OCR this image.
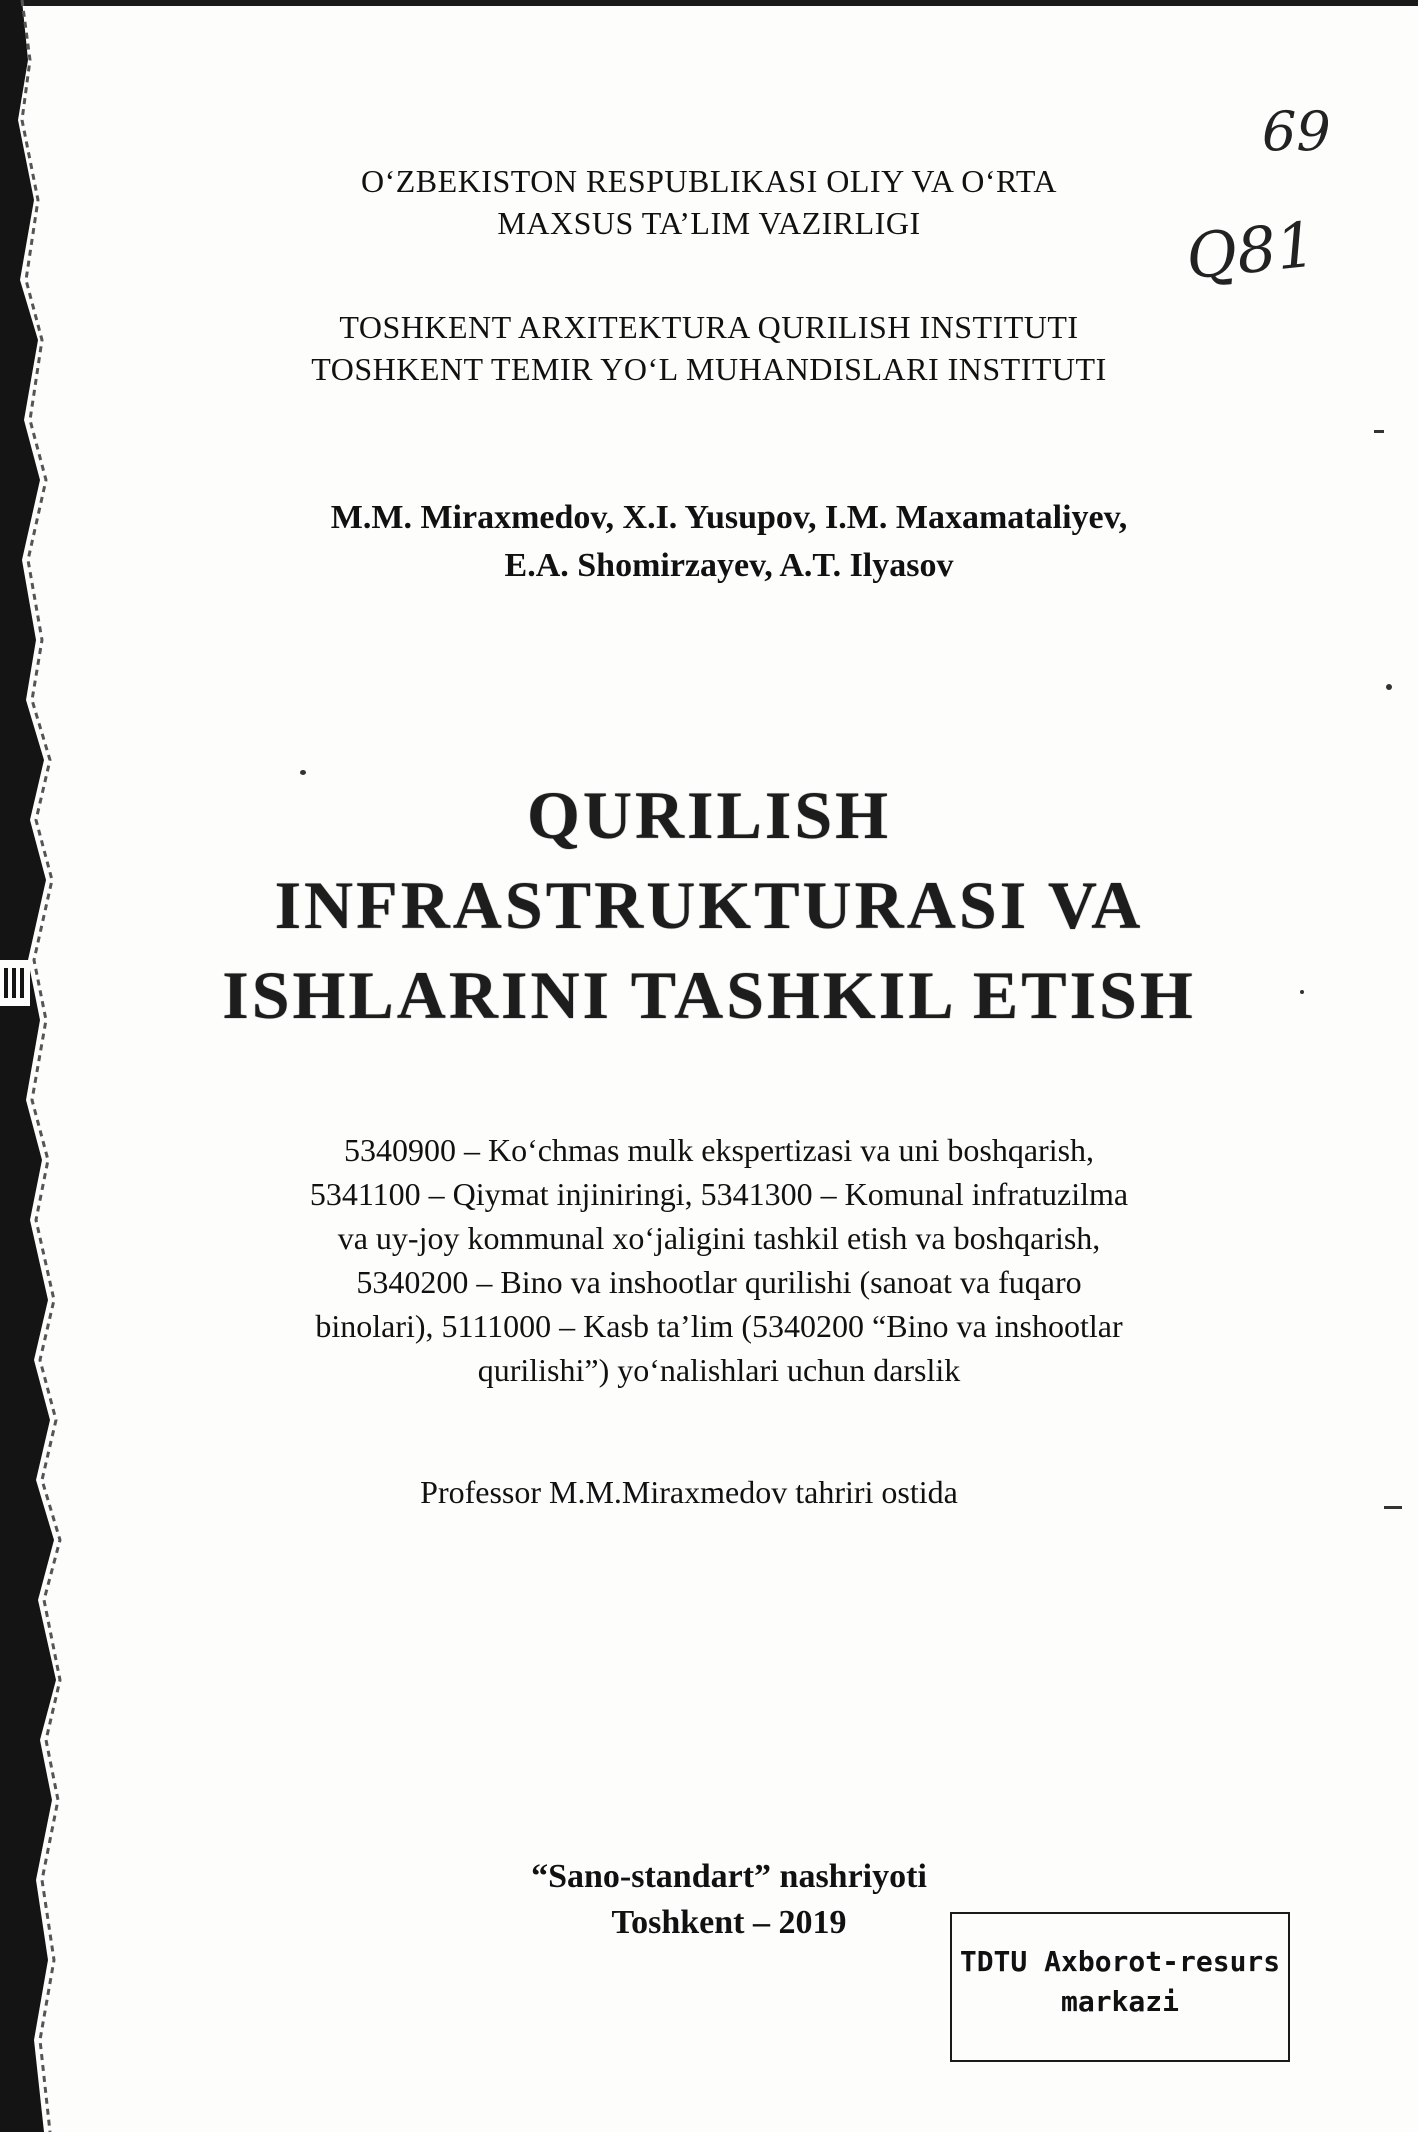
69
Q81
O‘ZBEKISTON RESPUBLIKASI OLIY VA O‘RTA
MAXSUS TA’LIM VAZIRLIGI
TOSHKENT ARXITEKTURA QURILISH INSTITUTI
TOSHKENT TEMIR YO‘L MUHANDISLARI INSTITUTI
M.M. Miraxmedov, X.I. Yusupov, I.M. Maxamataliyev,
E.A. Shomirzayev, A.T. Ilyasov
QURILISH
INFRASTRUKTURASI VA
ISHLARINI TASHKIL ETISH
5340900 – Ko‘chmas mulk ekspertizasi va uni boshqarish,
5341100 – Qiymat injiniringi, 5341300 – Komunal infratuzilma
va uy-joy kommunal xo‘jaligini tashkil etish va boshqarish,
5340200 – Bino va inshootlar qurilishi (sanoat va fuqaro
binolari), 5111000 – Kasb ta’lim (5340200 “Bino va inshootlar
qurilishi”) yo‘nalishlari uchun darslik
Professor M.M.Miraxmedov tahriri ostida
“Sano-standart” nashriyoti
Toshkent – 2019
TDTU Axborot-resurs
markazi
